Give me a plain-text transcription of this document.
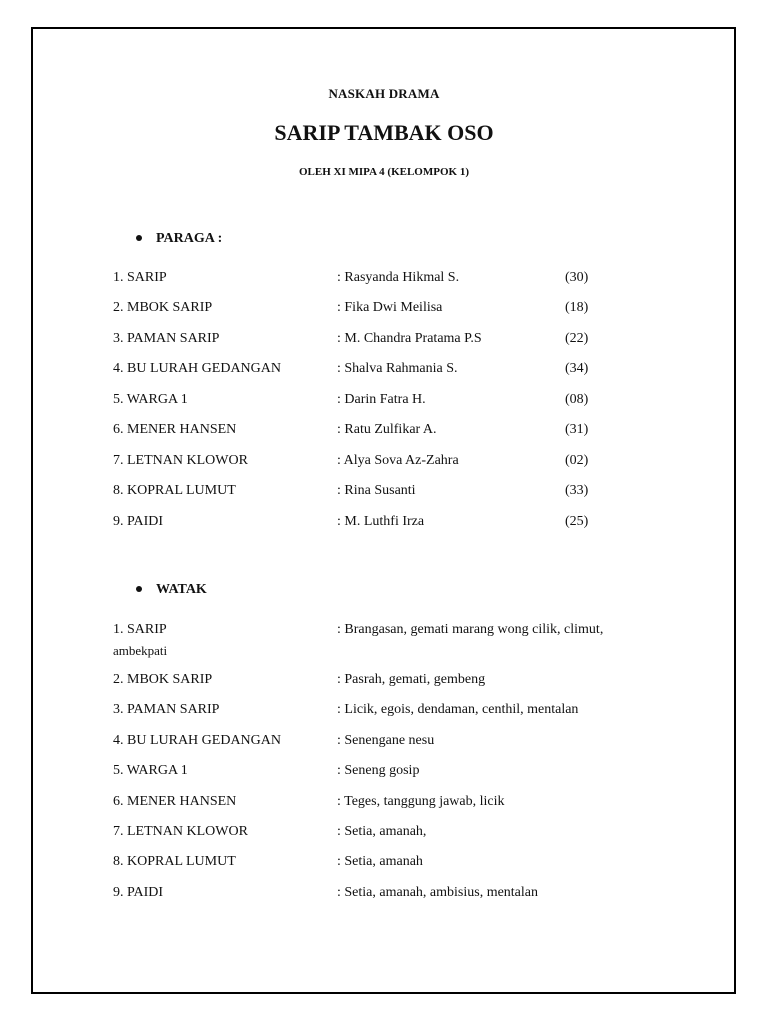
NASKAH DRAMA
SARIP TAMBAK OSO
OLEH XI MIPA 4 (KELOMPOK 1)
PARAGA :
1. SARIP	: Rasyanda Hikmal S.	(30)
2. MBOK SARIP	: Fika Dwi Meilisa	(18)
3. PAMAN SARIP	: M. Chandra Pratama P.S	(22)
4. BU LURAH GEDANGAN	: Shalva Rahmania S.	(34)
5. WARGA 1	: Darin Fatra H.	(08)
6. MENER HANSEN	: Ratu Zulfikar A.	(31)
7. LETNAN KLOWOR	: Alya Sova Az-Zahra	(02)
8. KOPRAL LUMUT	: Rina Susanti	(33)
9. PAIDI	: M. Luthfi Irza	(25)
WATAK
1. SARIP	: Brangasan, gemati marang wong cilik, climut,
ambekpati
2. MBOK SARIP	: Pasrah, gemati, gembeng
3. PAMAN SARIP	: Licik, egois, dendaman, centhil, mentalan
4. BU LURAH GEDANGAN	: Senengane nesu
5. WARGA 1	: Seneng gosip
6. MENER HANSEN	: Teges, tanggung jawab, licik
7. LETNAN KLOWOR	: Setia, amanah,
8. KOPRAL LUMUT	: Setia, amanah
9. PAIDI	: Setia, amanah, ambisius, mentalan
